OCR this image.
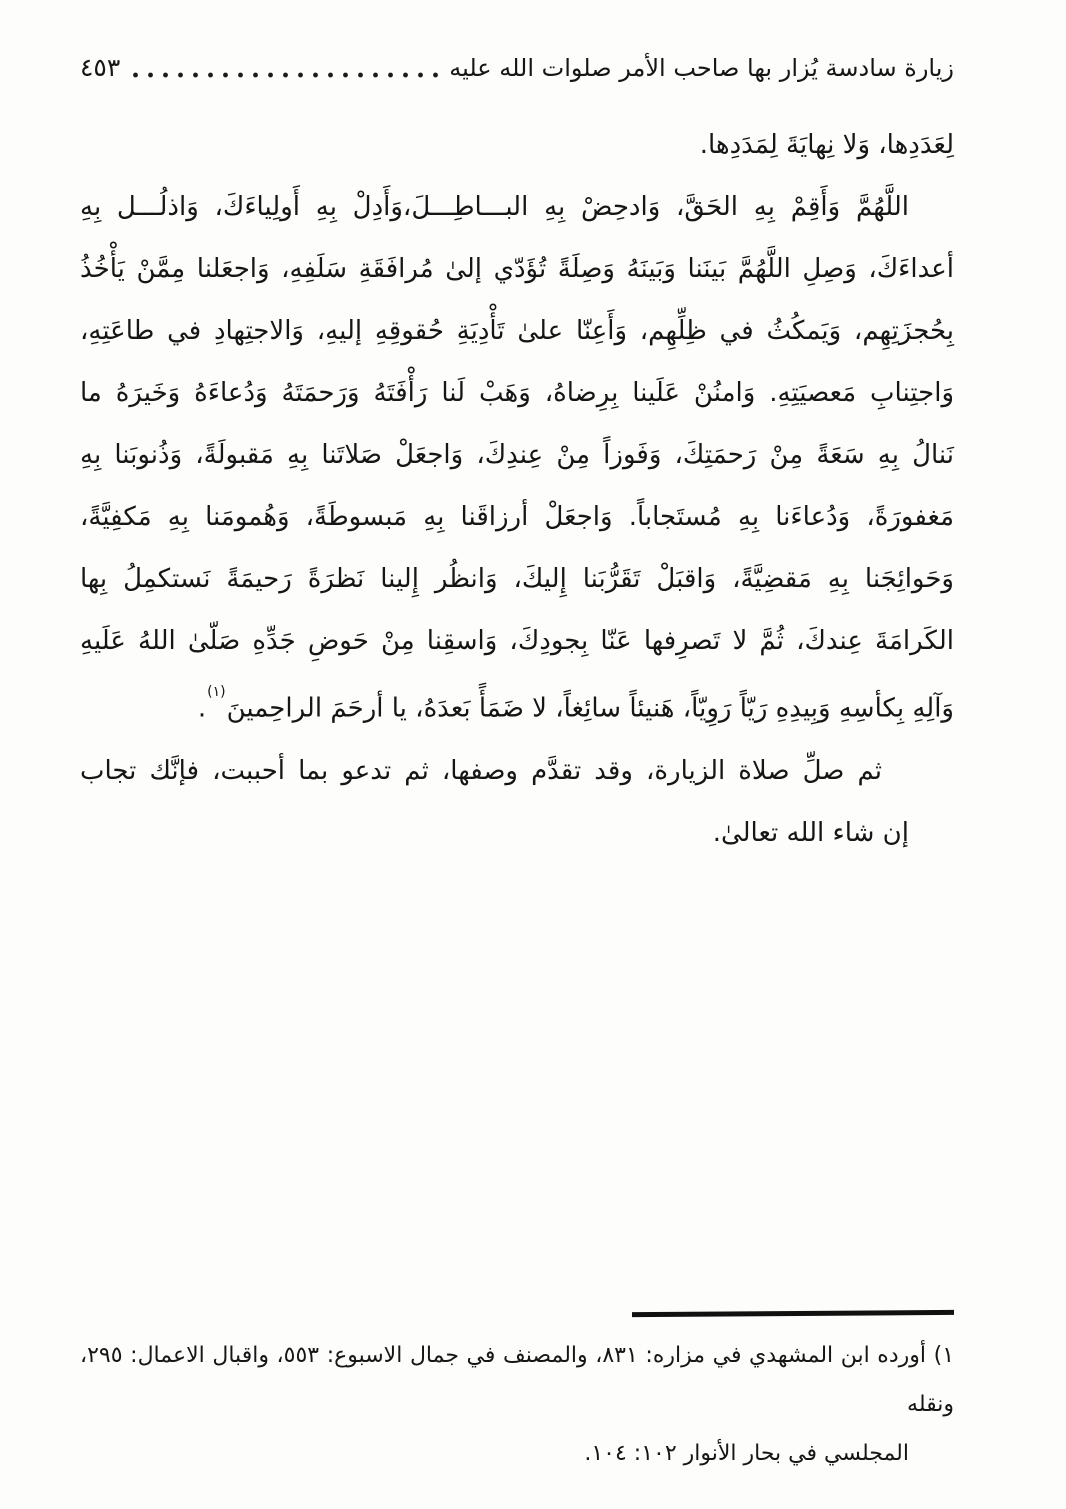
زيارة سادسة يُزار بها صاحب الأمر صلوات الله عليه
٤٥٣
لِعَدَدِها، وَلا نِهايَةَ لِمَدَدِها.
اللَّهُمَّ وَأَقِمْ بِهِ الحَقَّ، وَادحِضْ بِهِ البـــاطِـــلَ،وَأَدِلْ بِهِ أَولِياءَكَ، وَاذلُـــل بِهِ
أعداءَكَ، وَصِلِ اللَّهُمَّ بَينَنا وَبَينَهُ وَصِلَةً تُؤَدّي إلىٰ مُرافَقَةِ سَلَفِهِ، وَاجعَلنا مِمَّنْ يَأْخُذُ
بِحُجزَتِهِم، وَيَمكُثُ في ظِلِّهِم، وَأَعِنّا علىٰ تَأْدِيَةِ حُقوقِهِ إليهِ، وَالاجتِهادِ في طاعَتِهِ،
وَاجتِنابِ مَعصيَتِهِ. وَامنُنْ عَلَينا بِرِضاهُ، وَهَبْ لَنا رَأْفَتَهُ وَرَحمَتَهُ وَدُعاءَهُ وَخَيرَهُ ما
نَنالُ بِهِ سَعَةً مِنْ رَحمَتِكَ، وَفَوزاً مِنْ عِندِكَ، وَاجعَلْ صَلاتَنا بِهِ مَقبولَةً، وَذُنوبَنا بِهِ
مَغفورَةً، وَدُعاءَنا بِهِ مُستَجاباً. وَاجعَلْ أرزاقَنا بِهِ مَبسوطَةً، وَهُمومَنا بِهِ مَكفِيَّةً،
وَحَوائِجَنا بِهِ مَقضِيَّةً، وَاقبَلْ تَقَرُّبَنا إِليكَ، وَانظُر إِلينا نَظرَةً رَحيمَةً نَستكمِلُ بِها
الكَرامَةَ عِندكَ، ثُمَّ لا تَصرِفها عَنّا بِجودِكَ، وَاسقِنا مِنْ حَوضِ جَدِّهِ صَلّىٰ اللهُ عَلَيهِ
وَآلِهِ بِكأسِهِ وَبِيدِهِ رَيّاً رَوِيّاً، هَنيئاً سائِغاً، لا ضَمَأً بَعدَهُ، يا أرحَمَ الراحِمينَ$^{(١)}$.
ثم صلِّ صلاة الزيارة، وقد تقدَّم وصفها، ثم تدعو بما أحببت، فإنَّك تجاب
إن شاء الله تعالىٰ.
١) أورده ابن المشهدي في مزاره: ٨٣١، والمصنف في جمال الاسبوع: ٥٥٣، واقبال الاعمال: ٢٩٥، ونقله
المجلسي في بحار الأنوار ١٠٢: ١٠٤.
